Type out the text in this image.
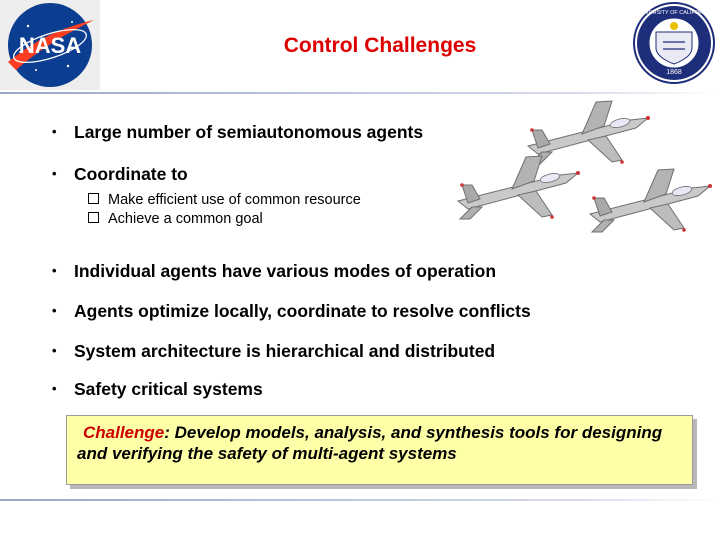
NASA	Control Challenges
1868
UNIVERSITY OF CALIFORNIA
• Large number of semiautonomous agents
• Coordinate to
Make efficient use of common resource
Achieve a common goal
• Individual agents have various modes of operation
• Agents optimize locally, coordinate to resolve conflicts
• System architecture is hierarchical and distributed
• Safety critical systems
Challenge: Develop models, analysis, and synthesis tools for designing and verifying the safety of multi-agent systems
